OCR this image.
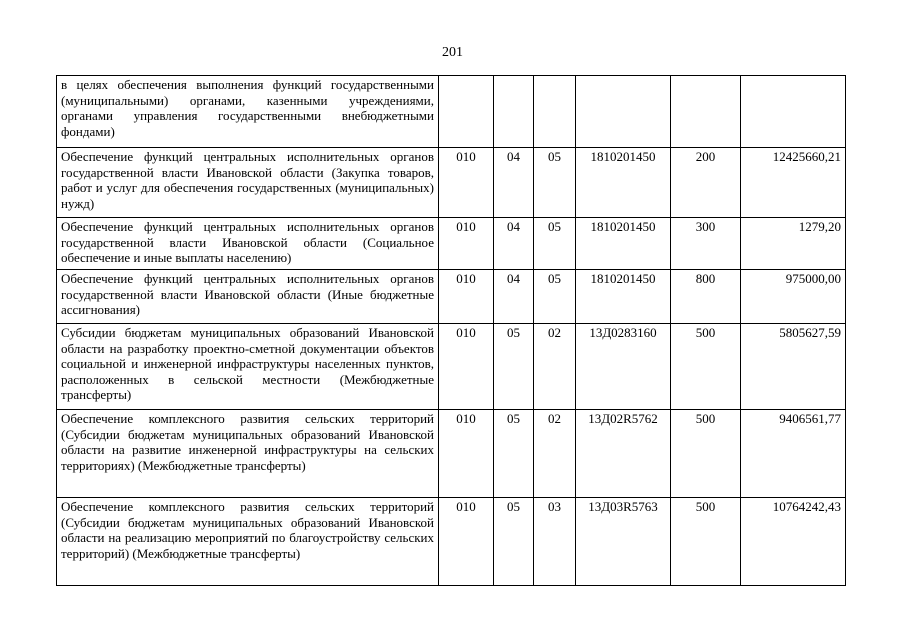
201
в целях обеспечения выполнения функций государственными (муниципальными) органами, казенными учреждениями, органами управления государственными внебюджетными фондами)						
Обеспечение функций центральных исполнительных органов государственной власти Ивановской области (Закупка товаров, работ и услуг для обеспечения государственных (муниципальных) нужд)	010	04	05	1810201450	200	12425660,21
Обеспечение функций центральных исполнительных органов государственной власти Ивановской области (Социальное обеспечение и иные выплаты населению)	010	04	05	1810201450	300	1279,20
Обеспечение функций центральных исполнительных органов государственной власти Ивановской области (Иные бюджетные ассигнования)	010	04	05	1810201450	800	975000,00
Субсидии бюджетам муниципальных образований Ивановской области на разработку проектно-сметной документации объектов социальной и инженерной инфраструктуры населенных пунктов, расположенных в сельской местности (Межбюджетные трансферты)	010	05	02	13Д0283160	500	5805627,59
Обеспечение комплексного развития сельских территорий (Субсидии бюджетам муниципальных образований Ивановской области на развитие инженерной инфраструктуры на сельских территориях) (Межбюджетные трансферты)	010	05	02	13Д02R5762	500	9406561,77
Обеспечение комплексного развития сельских территорий (Субсидии бюджетам муниципальных образований Ивановской области на реализацию мероприятий по благоустройству сельских территорий) (Межбюджетные трансферты)	010	05	03	13Д03R5763	500	10764242,43
